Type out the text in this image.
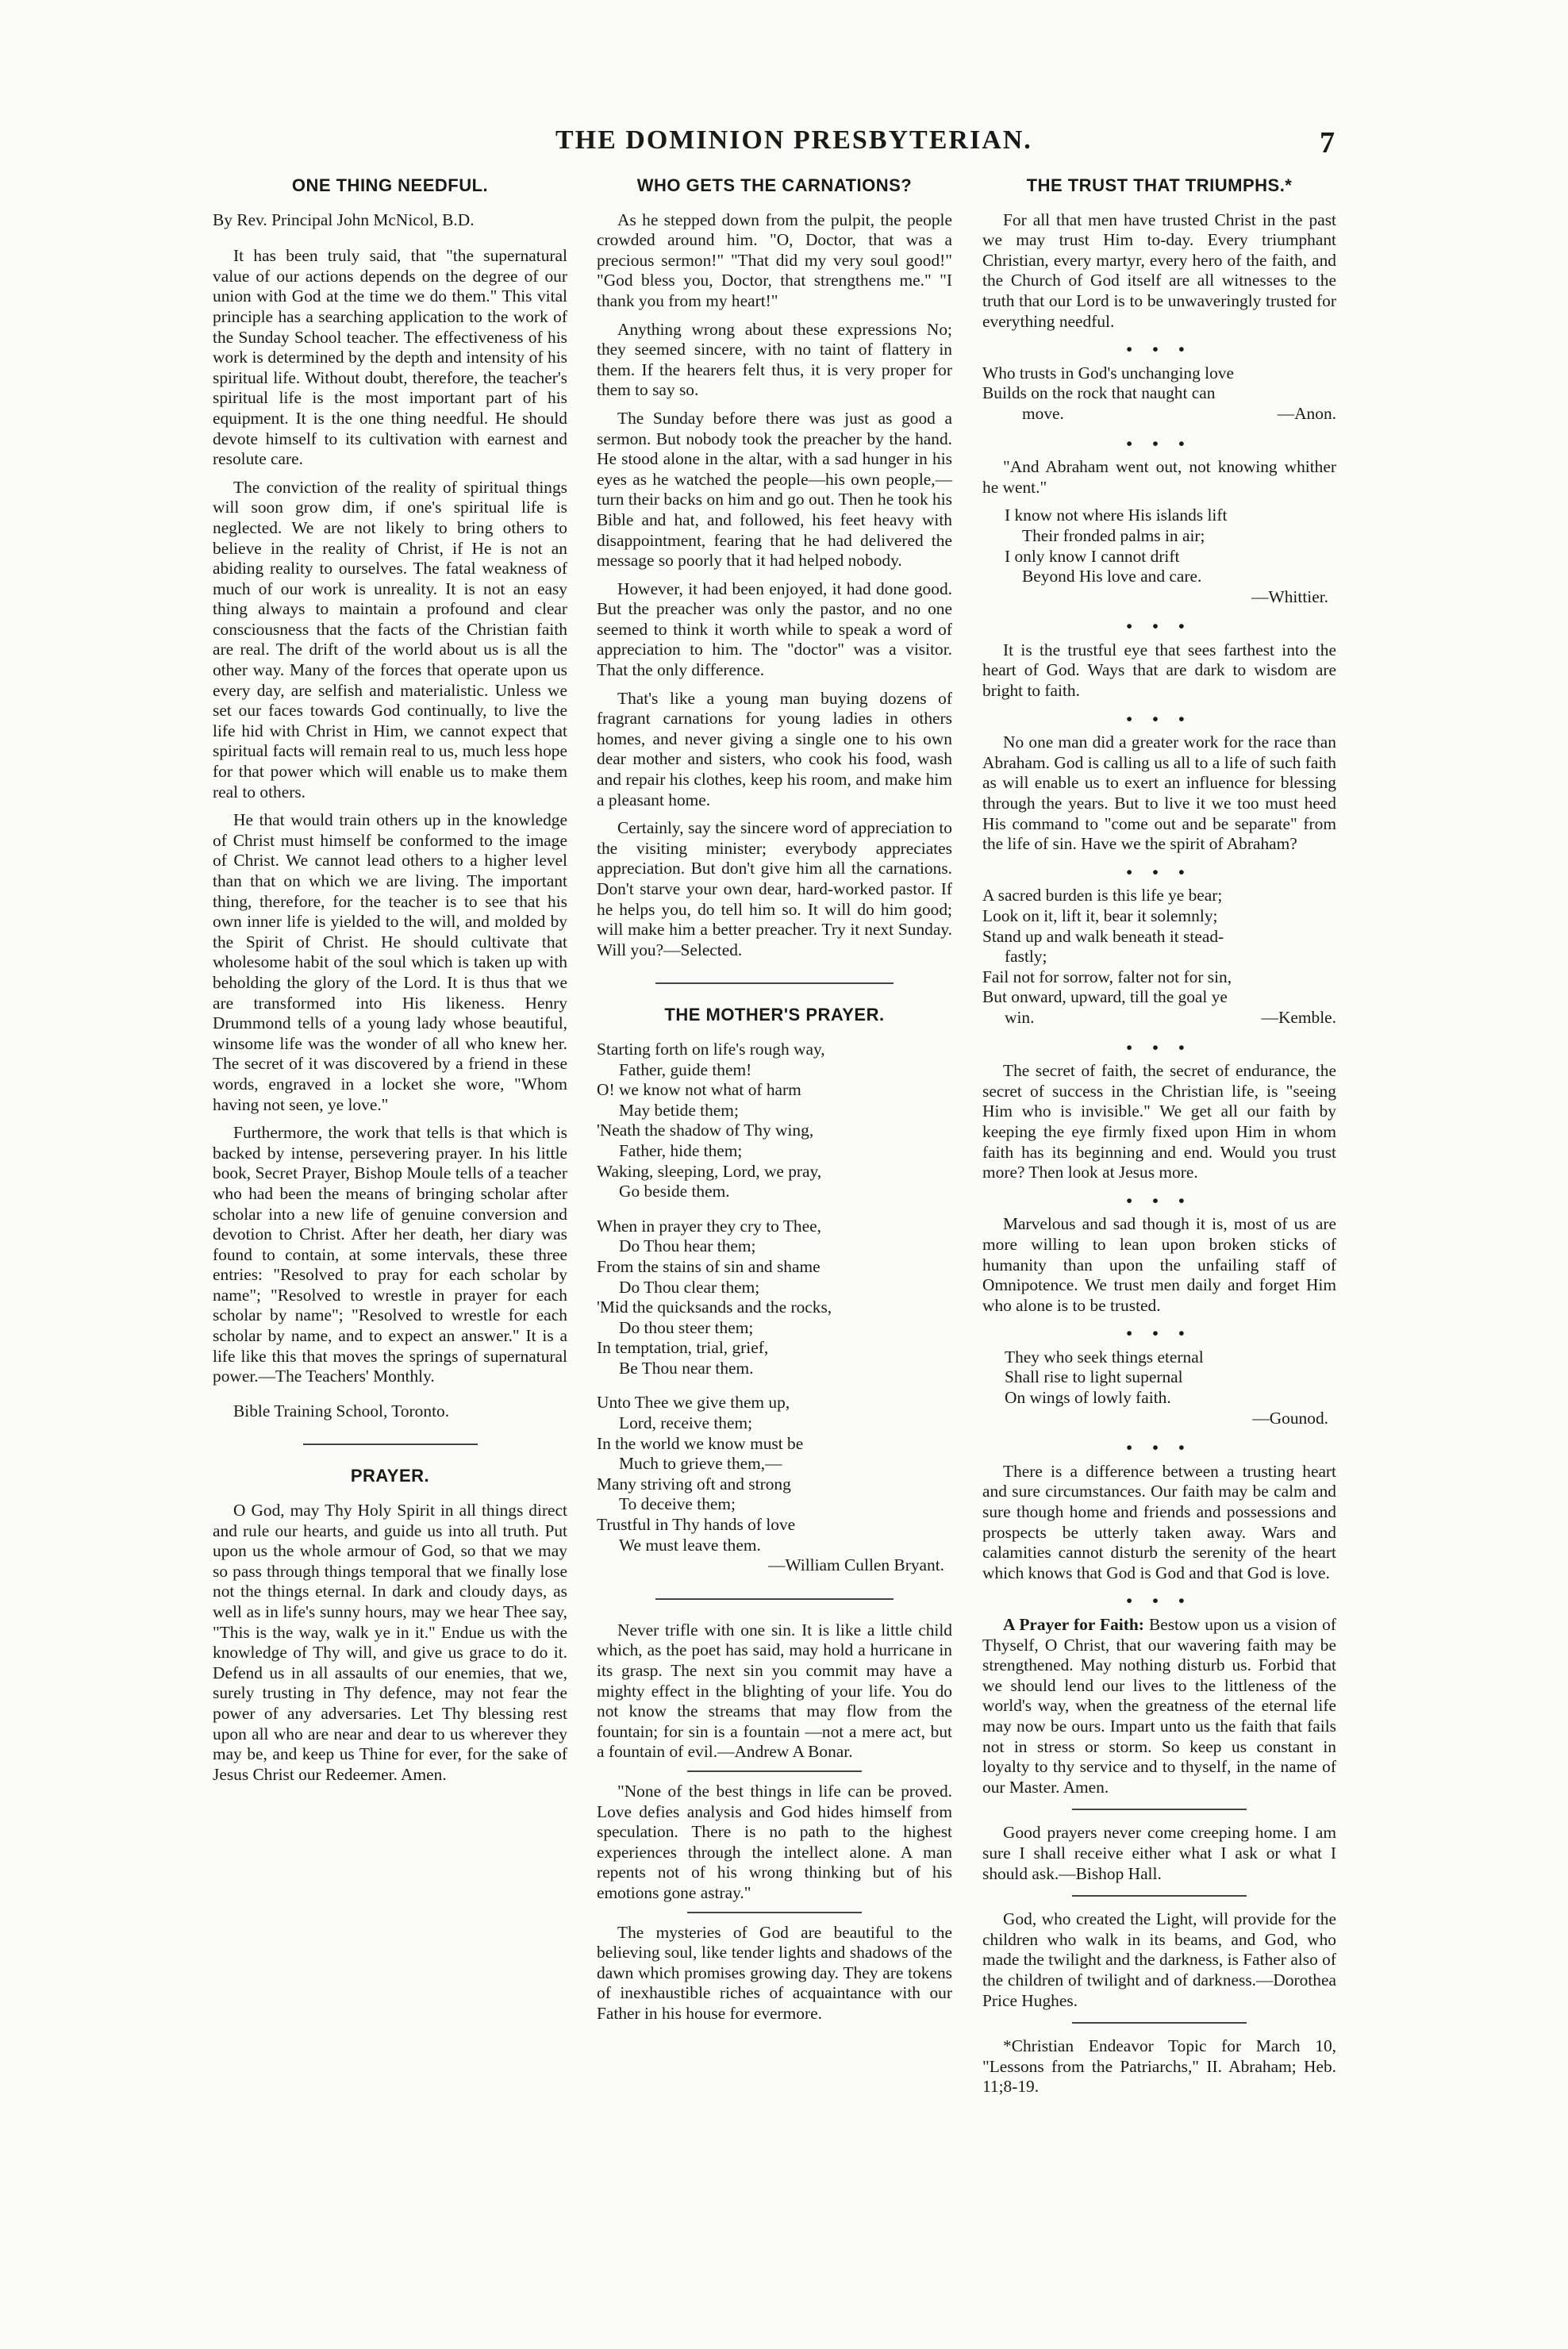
THE DOMINION PRESBYTERIAN.	7
ONE THING NEEDFUL.

By Rev. Principal John McNicol, B.D.

It has been truly said, that "the supernatural value of our actions depends on the degree of our union with God at the time we do them." This vital principle has a searching application to the work of the Sunday School teacher. The effectiveness of his work is determined by the depth and intensity of his spiritual life. Without doubt, therefore, the teacher's spiritual life is the most important part of his equipment. It is the one thing needful. He should devote himself to its cultivation with earnest and resolute care.

The conviction of the reality of spiritual things will soon grow dim, if one's spiritual life is neglected. We are not likely to bring others to believe in the reality of Christ, if He is not an abiding reality to ourselves. The fatal weakness of much of our work is unreality. It is not an easy thing always to maintain a profound and clear consciousness that the facts of the Christian faith are real. The drift of the world about us is all the other way. Many of the forces that operate upon us every day, are selfish and materialistic. Unless we set our faces towards God continually, to live the life hid with Christ in Him, we cannot expect that spiritual facts will remain real to us, much less hope for that power which will enable us to make them real to others.

He that would train others up in the knowledge of Christ must himself be conformed to the image of Christ. We cannot lead others to a higher level than that on which we are living. The important thing, therefore, for the teacher is to see that his own inner life is yielded to the will, and molded by the Spirit of Christ. He should cultivate that wholesome habit of the soul which is taken up with beholding the glory of the Lord. It is thus that we are transformed into His likeness. Henry Drummond tells of a young lady whose beautiful, winsome life was the wonder of all who knew her. The secret of it was discovered by a friend in these words, engraved in a locket she wore, "Whom having not seen, ye love."

Furthermore, the work that tells is that which is backed by intense, persevering prayer. In his little book, Secret Prayer, Bishop Moule tells of a teacher who had been the means of bringing scholar after scholar into a new life of genuine conversion and devotion to Christ. After her death, her diary was found to contain, at some intervals, these three entries: "Resolved to pray for each scholar by name"; "Resolved to wrestle in prayer for each scholar by name"; "Resolved to wrestle for each scholar by name, and to expect an answer." It is a life like this that moves the springs of supernatural power.—The Teachers' Monthly.

Bible Training School, Toronto.

PRAYER.

O God, may Thy Holy Spirit in all things direct and rule our hearts, and guide us into all truth. Put upon us the whole armour of God, so that we may so pass through things temporal that we finally lose not the things eternal. In dark and cloudy days, as well as in life's sunny hours, may we hear Thee say, "This is the way, walk ye in it." Endue us with the knowledge of Thy will, and give us grace to do it. Defend us in all assaults of our enemies, that we, surely trusting in Thy defence, may not fear the power of any adversaries. Let Thy blessing rest upon all who are near and dear to us wherever they may be, and keep us Thine for ever, for the sake of Jesus Christ our Redeemer. Amen.

WHO GETS THE CARNATIONS?

As he stepped down from the pulpit, the people crowded around him. "O, Doctor, that was a precious sermon!" "That did my very soul good!" "God bless you, Doctor, that strengthens me." "I thank you from my heart!"

Anything wrong about these expressions No; they seemed sincere, with no taint of flattery in them. If the hearers felt thus, it is very proper for them to say so.

The Sunday before there was just as good a sermon. But nobody took the preacher by the hand. He stood alone in the altar, with a sad hunger in his eyes as he watched the people—his own people,—turn their backs on him and go out. Then he took his Bible and hat, and followed, his feet heavy with disappointment, fearing that he had delivered the message so poorly that it had helped nobody.

However, it had been enjoyed, it had done good. But the preacher was only the pastor, and no one seemed to think it worth while to speak a word of appreciation to him. The "doctor" was a visitor. That the only difference.

That's like a young man buying dozens of fragrant carnations for young ladies in others homes, and never giving a single one to his own dear mother and sisters, who cook his food, wash and repair his clothes, keep his room, and make him a pleasant home.

Certainly, say the sincere word of appreciation to the visiting minister; everybody appreciates appreciation. But don't give him all the carnations. Don't starve your own dear, hard-worked pastor. If he helps you, do tell him so. It will do him good; will make him a better preacher. Try it next Sunday. Will you?—Selected.

THE MOTHER'S PRAYER.
Starting forth on life's rough way,
Father, guide them!
O! we know not what of harm
May betide them;
'Neath the shadow of Thy wing,
Father, hide them;
Waking, sleeping, Lord, we pray,
Go beside them.
When in prayer they cry to Thee,
Do Thou hear them;
From the stains of sin and shame
Do Thou clear them;
'Mid the quicksands and the rocks,
Do thou steer them;
In temptation, trial, grief,
Be Thou near them.
Unto Thee we give them up,
Lord, receive them;
In the world we know must be
Much to grieve them,—
Many striving oft and strong
To deceive them;
Trustful in Thy hands of love
We must leave them.
—William Cullen Bryant.

Never trifle with one sin. It is like a little child which, as the poet has said, may hold a hurricane in its grasp. The next sin you commit may have a mighty effect in the blighting of your life. You do not know the streams that may flow from the fountain; for sin is a fountain —not a mere act, but a fountain of evil.—Andrew A Bonar.

"None of the best things in life can be proved. Love defies analysis and God hides himself from speculation. There is no path to the highest experiences through the intellect alone. A man repents not of his wrong thinking but of his emotions gone astray."

The mysteries of God are beautiful to the believing soul, like tender lights and shadows of the dawn which promises growing day. They are tokens of inexhaustible riches of acquaintance with our Father in his house for evermore.

THE TRUST THAT TRIUMPHS.*

For all that men have trusted Christ in the past we may trust Him to-day. Every triumphant Christian, every martyr, every hero of the faith, and the Church of God itself are all witnesses to the truth that our Lord is to be unwaveringly trusted for everything needful.

• • •
Who trusts in God's unchanging love
Builds on the rock that naught can
move.	—Anon.
• • •

"And Abraham went out, not knowing whither he went."

I know not where His islands lift
Their fronded palms in air;
I only know I cannot drift
Beyond His love and care.
—Whittier.
• • •

It is the trustful eye that sees farthest into the heart of God. Ways that are dark to wisdom are bright to faith.

• • •

No one man did a greater work for the race than Abraham. God is calling us all to a life of such faith as will enable us to exert an influence for blessing through the years. But to live it we too must heed His command to "come out and be separate" from the life of sin. Have we the spirit of Abraham?

• • •
A sacred burden is this life ye bear;
Look on it, lift it, bear it solemnly;
Stand up and walk beneath it stead-
fastly;
Fail not for sorrow, falter not for sin,
But onward, upward, till the goal ye
win.	—Kemble.
• • •

The secret of faith, the secret of endurance, the secret of success in the Christian life, is "seeing Him who is invisible." We get all our faith by keeping the eye firmly fixed upon Him in whom faith has its beginning and end. Would you trust more? Then look at Jesus more.

• • •

Marvelous and sad though it is, most of us are more willing to lean upon broken sticks of humanity than upon the unfailing staff of Omnipotence. We trust men daily and forget Him who alone is to be trusted.

• • •
They who seek things eternal
Shall rise to light supernal
On wings of lowly faith.
—Gounod.
• • •

There is a difference between a trusting heart and sure circumstances. Our faith may be calm and sure though home and friends and possessions and prospects be utterly taken away. Wars and calamities cannot disturb the serenity of the heart which knows that God is God and that God is love.

• • •

A Prayer for Faith: Bestow upon us a vision of Thyself, O Christ, that our wavering faith may be strengthened. May nothing disturb us. Forbid that we should lend our lives to the littleness of the world's way, when the greatness of the eternal life may now be ours. Impart unto us the faith that fails not in stress or storm. So keep us constant in loyalty to thy service and to thyself, in the name of our Master. Amen.

Good prayers never come creeping home. I am sure I shall receive either what I ask or what I should ask.—Bishop Hall.

God, who created the Light, will provide for the children who walk in its beams, and God, who made the twilight and the darkness, is Father also of the children of twilight and of darkness.—Dorothea Price Hughes.

*Christian Endeavor Topic for March 10, "Lessons from the Patriarchs," II. Abraham; Heb. 11;8-19.
